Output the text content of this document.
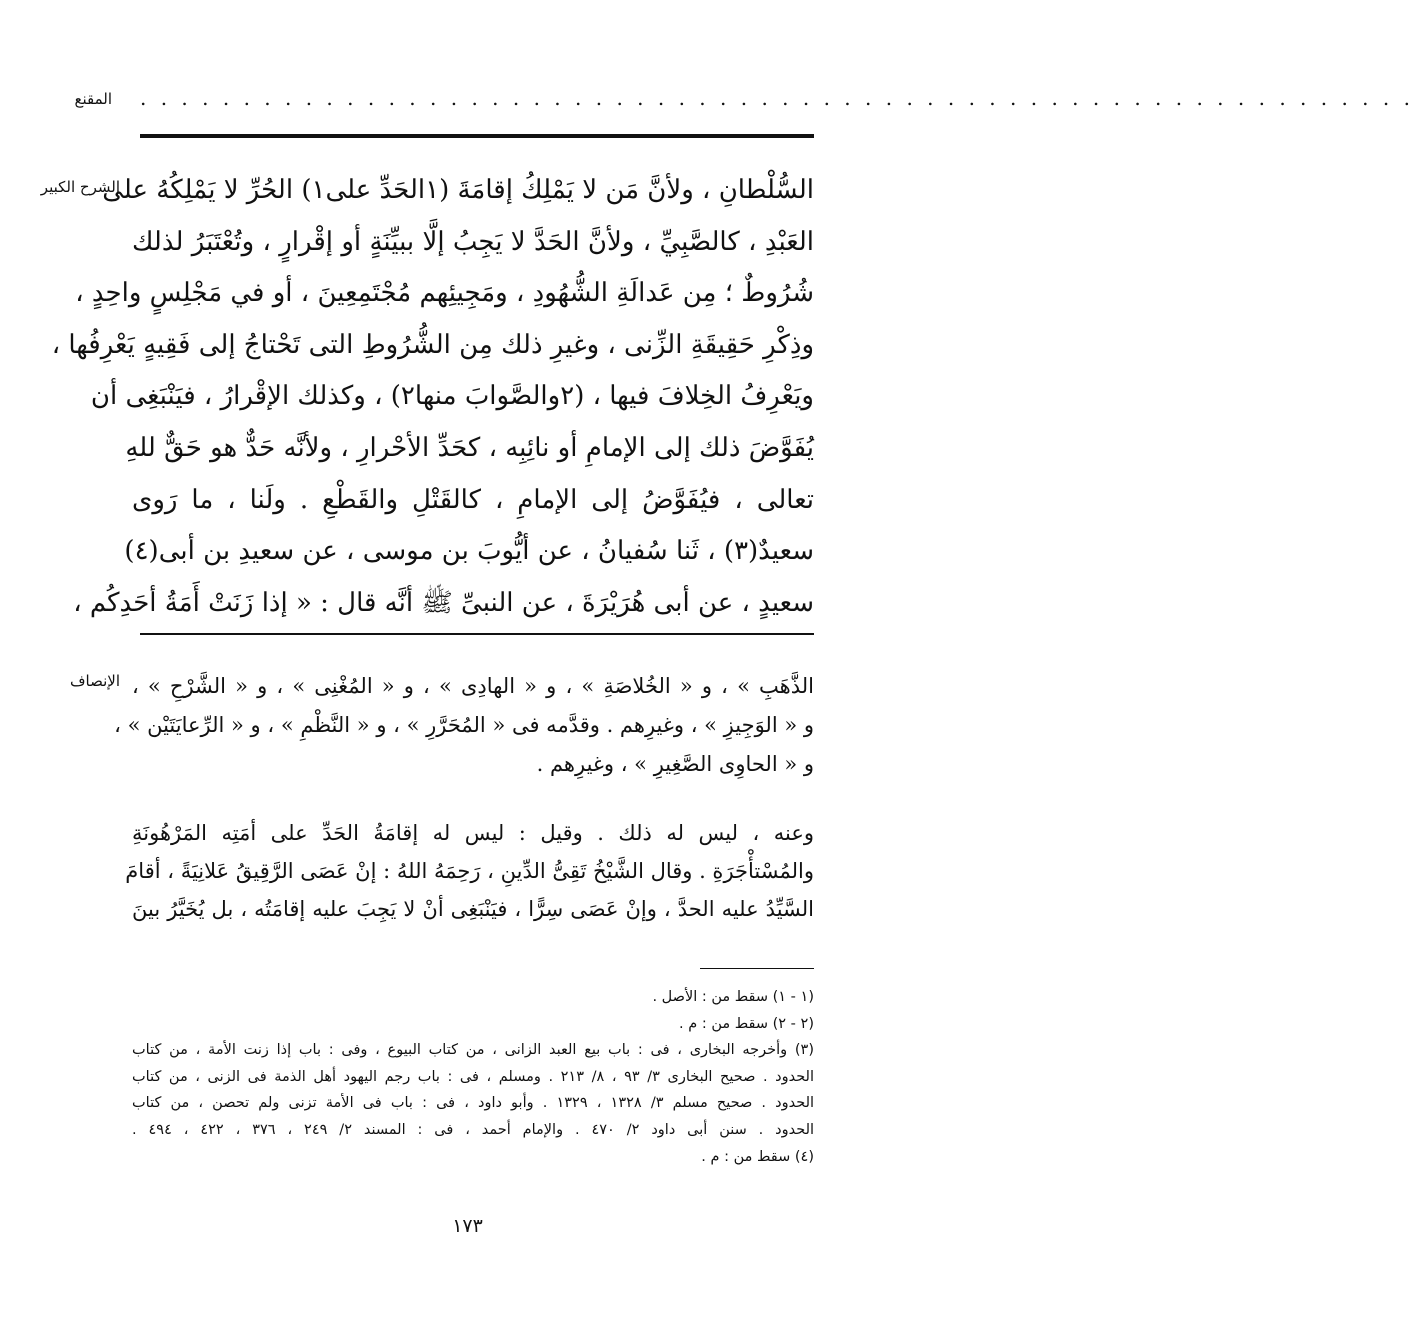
المقنع . . . . . . . . . . . . . . . . . . . . . . . . . . . . . . . . . . . . . . . . . . . . . . . . . . . . . . . . . . . . . .
الشرح الكبير
السُّلْطانِ ، ولأنَّ مَن لا يَمْلِكُ إقامَةَ (١الحَدِّ على١) الحُرِّ لا يَمْلِكُهُ على
العَبْدِ ، كالصَّبِيِّ ، ولأنَّ الحَدَّ لا يَجِبُ إلَّا ببيِّنَةٍ أو إقْرارٍ ، وتُعْتَبَرُ لذلك
شُرُوطٌ ؛ مِن عَدالَةِ الشُّهُودِ ، ومَجِيئِهم مُجْتَمِعِينَ ، أو في مَجْلِسٍ واحِدٍ ،
وذِكْرِ حَقِيقَةِ الزِّنى ، وغيرِ ذلك مِن الشُّرُوطِ التى تَحْتاجُ إلى فَقِيهٍ يَعْرِفُها ،
ويَعْرِفُ الخِلافَ فيها ، (٢والصَّوابَ منها٢) ، وكذلك الإقْرارُ ، فيَنْبَغِى أن
يُفَوَّضَ ذلك إلى الإمامِ أو نائِبِه ، كحَدِّ الأحْرارِ ، ولأنَّه حَدٌّ هو حَقٌّ للهِ
تعالى ، فيُفَوَّضُ إلى الإمامِ ، كالقَتْلِ والقَطْعِ . ولَنا ، ما رَوى
سعيدٌ(٣) ، ثَنا سُفيانُ ، عن أيُّوبَ بن موسى ، عن سعيدِ بن أبى(٤)
سعيدٍ ، عن أبى هُرَيْرَةَ ، عن النبىِّ ﷺ أنَّه قال : « إذا زَنَتْ أَمَةُ أحَدِكُم ،
الإنصاف الذَّهَبِ » ، و « الخُلاصَةِ » ، و « الهادِى » ، و « المُغْنِى » ، و « الشَّرْحِ » ،
و « الوَجِيزِ » ، وغيرِهم . وقدَّمه فى « المُحَرَّرِ » ، و « النَّظْمِ » ، و « الرِّعايَتَيْن » ،
و « الحاوِى الصَّغِيرِ » ، وغيرِهم .
وعنه ، ليس له ذلك . وقيل : ليس له إقامَةُ الحَدِّ على أمَتِه المَرْهُونَةِ
والمُسْتأْجَرَةِ . وقال الشَّيْخُ تَقِىُّ الدِّينِ ، رَحِمَهُ اللهُ : إنْ عَصَى الرَّقِيقُ عَلانِيَةً ، أقامَ
السَّيِّدُ عليه الحدَّ ، وإنْ عَصَى سِرًّا ، فيَنْبَغِى أنْ لا يَجِبَ عليه إقامَتُه ، بل يُخَيَّرُ بينَ
(١ - ١) سقط من : الأصل .
(٢ - ٢) سقط من : م .
(٣) وأخرجه البخارى ، فى : باب بيع العبد الزانى ، من كتاب البيوع ، وفى : باب إذا زنت الأمة ، من كتاب
الحدود . صحيح البخارى ٣/ ٩٣ ، ٨/ ٢١٣ . ومسلم ، فى : باب رجم اليهود أهل الذمة فى الزنى ، من كتاب
الحدود . صحيح مسلم ٣/ ١٣٢٨ ، ١٣٢٩ . وأبو داود ، فى : باب فى الأمة تزنى ولم تحصن ، من كتاب
الحدود . سنن أبى داود ٢/ ٤٧٠ . والإمام أحمد ، فى : المسند ٢/ ٢٤٩ ، ٣٧٦ ، ٤٢٢ ، ٤٩٤ .
(٤) سقط من : م .
١٧٣
